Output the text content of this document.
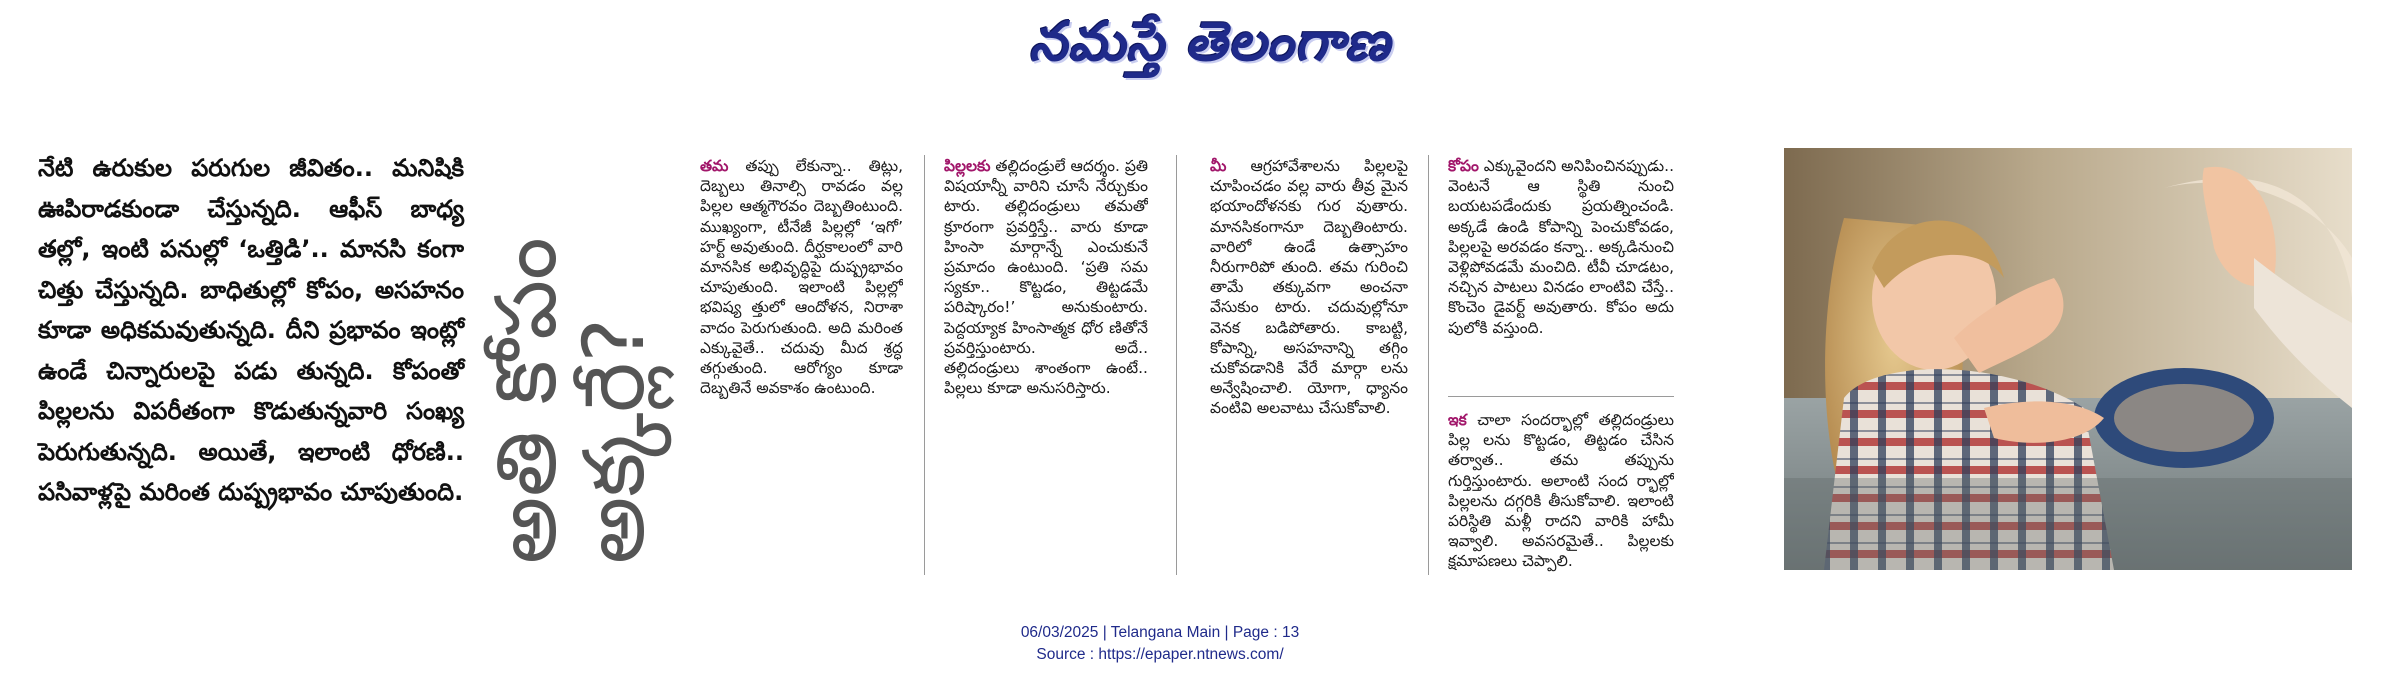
నమస్తే తెలంగాణ
నేటి ఉరుకుల పరుగుల జీవితం.. మనిషికి ఊపిరాడకుండా చేస్తున్నది. ఆఫీస్ బాధ్య తల్లో, ఇంటి పనుల్లో ‘ఒత్తిడి’.. మానసి కంగా చిత్తు చేస్తున్నది. బాధితుల్లో కోపం, అసహనం కూడా అధికమవుతున్నది. దీని ప్రభావం ఇంట్లో ఉండే చిన్నారులపై పడు తున్నది. కోపంతో పిల్లలను విపరీతంగా కొడుతున్నవారి సంఖ్య పెరుగుతున్నది. అయితే, ఇలాంటి ధోరణి.. పసివాళ్లపై మరింత దుష్ప్రభావం చూపుతుంది. అతి కోపం
అక్కర్లే?
తమ తప్పు లేకున్నా.. తిట్లు, దెబ్బలు తినాల్సి రావడం వల్ల పిల్లల ఆత్మగౌరవం దెబ్బతింటుంది. ముఖ్యంగా, టీనేజీ పిల్లల్లో ‘ఇగో’ హర్ట్ అవుతుంది. దీర్ఘకాలంలో వారి మానసిక అభివృద్ధిపై దుష్ప్రభావం చూపుతుంది. ఇలాంటి పిల్లల్లో భవిష్య త్తులో ఆందోళన, నిరాశా వాదం పెరుగుతుంది. అది మరింత ఎక్కువైతే.. చదువు మీద శ్రద్ధ తగ్గుతుంది. ఆరోగ్యం కూడా దెబ్బతినే అవకాశం ఉంటుంది.
పిల్లలకు తల్లిదండ్రులే ఆదర్శం. ప్రతి విషయాన్నీ వారిని చూసే నేర్చుకుం టారు. తల్లిదండ్రులు తమతో క్రూరంగా ప్రవర్తిస్తే.. వారు కూడా హింసా మార్గాన్నే ఎంచుకునే ప్రమాదం ఉంటుంది. ‘ప్రతి సమ స్యకూ.. కొట్టడం, తిట్టడమే పరిష్కారం!’ అనుకుంటారు. పెద్దయ్యాక హింసాత్మక ధోర ణితోనే ప్రవర్తిస్తుంటారు. అదే.. తల్లిదండ్రులు శాంతంగా ఉంటే.. పిల్లలు కూడా అనుసరిస్తారు.
మీ ఆగ్రహావేశాలను పిల్లలపై చూపించడం వల్ల వారు తీవ్ర మైన భయాందోళనకు గుర వుతారు. మానసికంగానూ దెబ్బతింటారు. వారిలో ఉండే ఉత్సాహం నీరుగారిపో తుంది. తమ గురించి తామే తక్కువగా అంచనా వేసుకుం టారు. చదువుల్లోనూ వెనక బడిపోతారు. కాబట్టి, కోపాన్ని, అసహనాన్ని తగ్గిం చుకోవడానికి వేరే మార్గా లను అన్వేషించాలి. యోగా, ధ్యానం వంటివి అలవాటు చేసుకోవాలి.
కోపం ఎక్కువైందని అనిపించినప్పుడు.. వెంటనే ఆ స్థితి నుంచి బయటపడేందుకు ప్రయత్నించండి. అక్కడే ఉండి కోపాన్ని పెంచుకోవడం, పిల్లలపై అరవడం కన్నా.. అక్కడినుంచి వెళ్లిపోవడమే మంచిది. టీవీ చూడటం, నచ్చిన పాటలు వినడం లాంటివి చేస్తే.. కొంచెం డైవర్ట్ అవుతారు. కోపం అదు పులోకి వస్తుంది.
ఇక చాలా సందర్భాల్లో తల్లిదండ్రులు పిల్ల లను కొట్టడం, తిట్టడం చేసిన తర్వాత.. తమ తప్పును గుర్తిస్తుంటారు. అలాంటి సంద ర్భాల్లో పిల్లలను దగ్గరికి తీసుకోవాలి. ఇలాంటి పరిస్థితి మళ్లీ రాదని వారికి హామీ ఇవ్వాలి. అవసరమైతే.. పిల్లలకు క్షమాపణలు చెప్పాలి.
06/03/2025 | Telangana Main | Page : 13
Source : https://epaper.ntnews.com/
